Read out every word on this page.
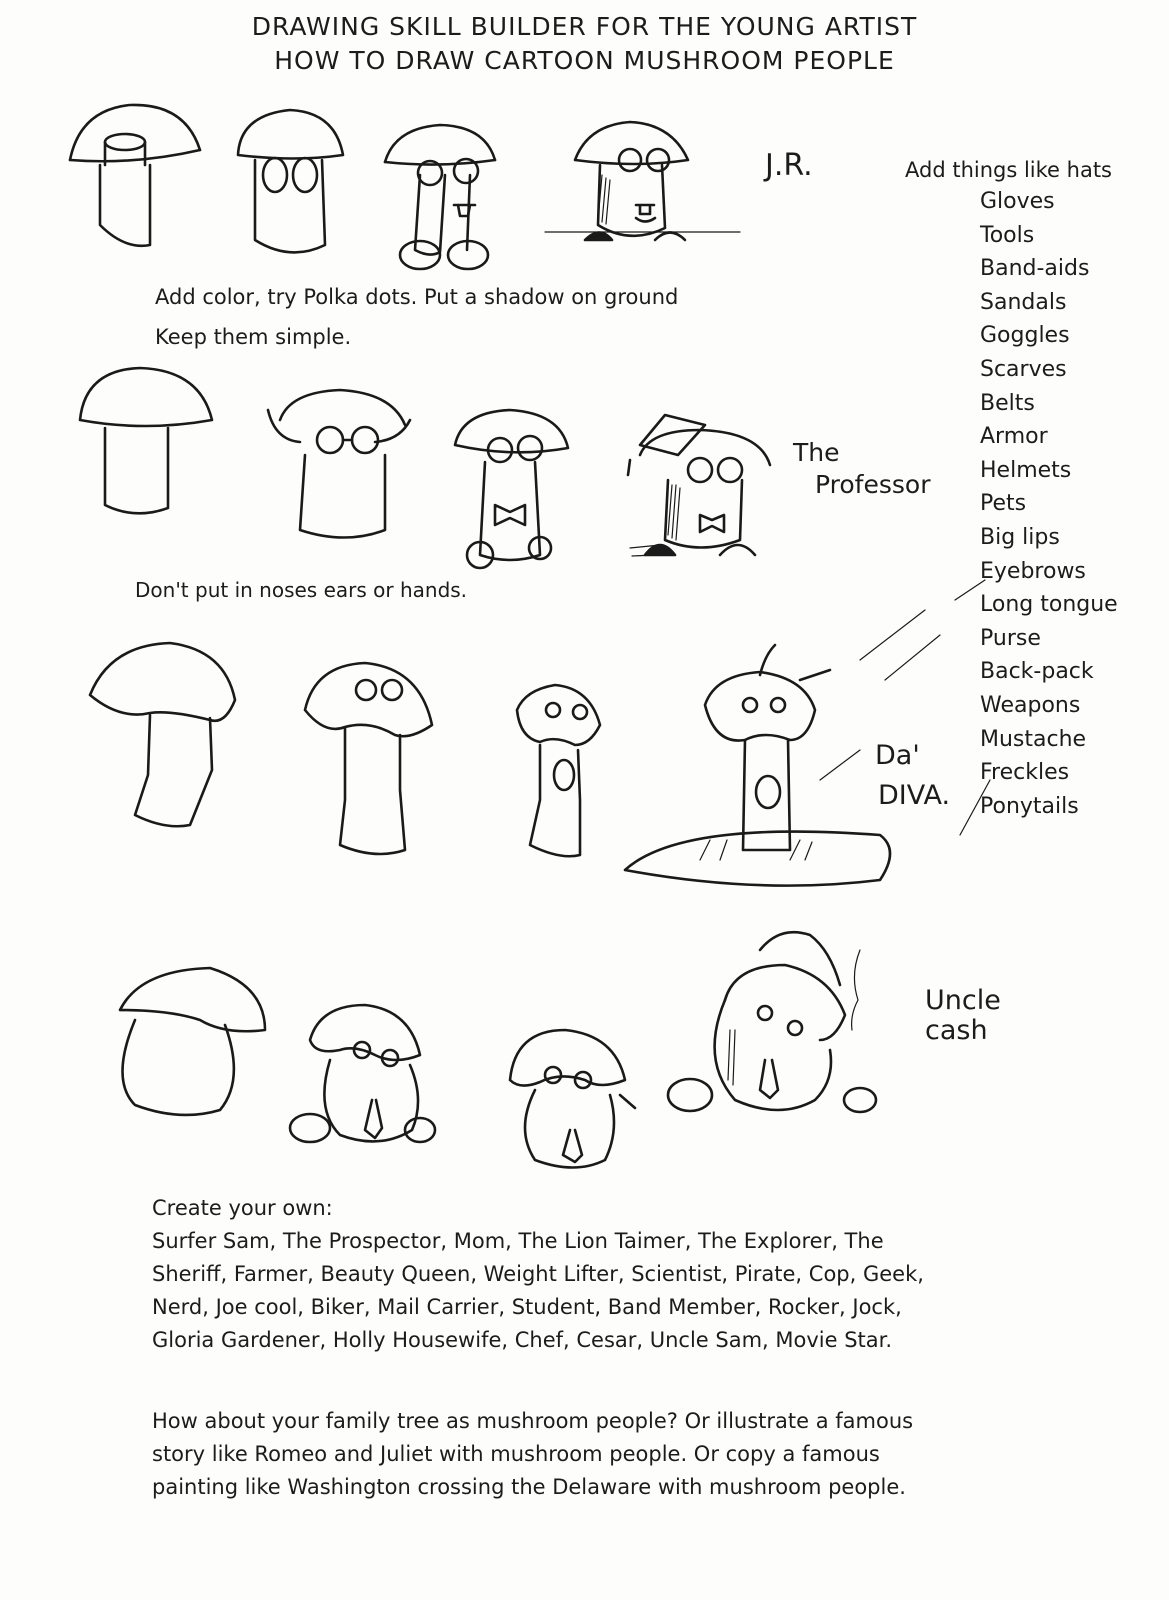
DRAWING SKILL BUILDER FOR THE YOUNG ARTIST
HOW TO DRAW CARTOON MUSHROOM PEOPLE
J.R.
The
Professor
Da'
DIVA.
Uncle
cash
Add color, try Polka dots. Put a shadow on ground
Keep them simple.
Don't put in noses ears or hands.
Add things like hats
Gloves
Tools
Band-aids
Sandals
Goggles
Scarves
Belts
Armor
Helmets
Pets
Big lips
Eyebrows
Long tongue
Purse
Back-pack
Weapons
Mustache
Freckles
Ponytails
Create your own:
Surfer Sam, The Prospector, Mom, The Lion Taimer, The Explorer, The
Sheriff, Farmer, Beauty Queen, Weight Lifter, Scientist, Pirate, Cop, Geek,
Nerd, Joe cool, Biker, Mail Carrier, Student, Band Member, Rocker, Jock,
Gloria Gardener, Holly Housewife, Chef, Cesar, Uncle Sam, Movie Star.
How about your family tree as mushroom people? Or illustrate a famous
story like Romeo and Juliet with mushroom people. Or copy a famous
painting like Washington crossing the Delaware with mushroom people.
